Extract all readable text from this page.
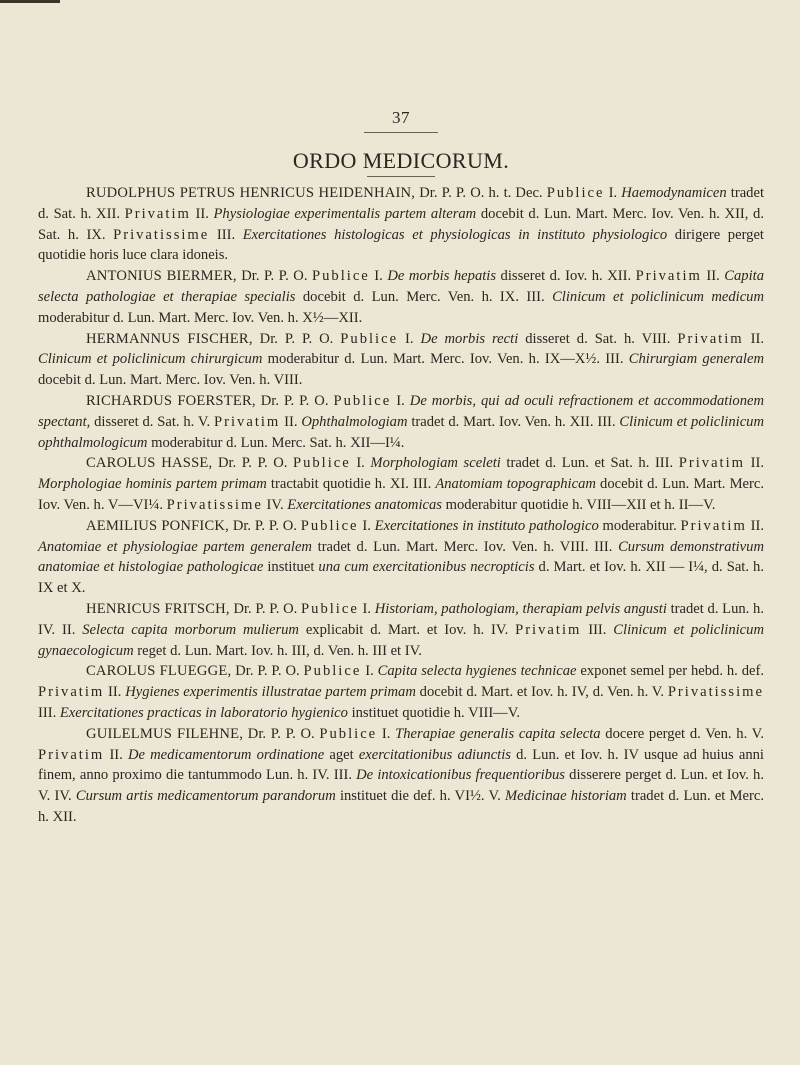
37
ORDO MEDICORUM.

RUDOLPHUS PETRUS HENRICUS HEIDENHAIN, Dr. P. P. O. h. t. Dec. Publice I. Haemodynamicen tradet d. Sat. h. XII. Privatim II. Physiologiae experimentalis partem alteram docebit d. Lun. Mart. Merc. Iov. Ven. h. XII, d. Sat. h. IX. Privatissime III. Exercitationes histologicas et physiologicas in instituto physiologico dirigere perget quotidie horis luce clara idoneis.

ANTONIUS BIERMER, Dr. P. P. O. Publice I. De morbis hepatis disseret d. Iov. h. XII. Privatim II. Capita selecta pathologiae et therapiae specialis docebit d. Lun. Merc. Ven. h. IX. III. Clinicum et policlinicum medicum moderabitur d. Lun. Mart. Merc. Iov. Ven. h. X½—XII.

HERMANNUS FISCHER, Dr. P. P. O. Publice I. De morbis recti disseret d. Sat. h. VIII. Privatim II. Clinicum et policlinicum chirurgicum moderabitur d. Lun. Mart. Merc. Iov. Ven. h. IX—X½. III. Chirurgiam generalem docebit d. Lun. Mart. Merc. Iov. Ven. h. VIII.

RICHARDUS FOERSTER, Dr. P. P. O. Publice I. De morbis, qui ad oculi refractionem et accommodationem spectant, disseret d. Sat. h. V. Privatim II. Ophthalmologiam tradet d. Mart. Iov. Ven. h. XII. III. Clinicum et policlinicum ophthalmologicum moderabitur d. Lun. Merc. Sat. h. XII—I¼.

CAROLUS HASSE, Dr. P. P. O. Publice I. Morphologiam sceleti tradet d. Lun. et Sat. h. III. Privatim II. Morphologiae hominis partem primam tractabit quotidie h. XI. III. Anatomiam topographicam docebit d. Lun. Mart. Merc. Iov. Ven. h. V—VI¼. Privatissime IV. Exercitationes anatomicas moderabitur quotidie h. VIII—XII et h. II—V.

AEMILIUS PONFICK, Dr. P. P. O. Publice I. Exercitationes in instituto pathologico moderabitur. Privatim II. Anatomiae et physiologiae partem generalem tradet d. Lun. Mart. Merc. Iov. Ven. h. VIII. III. Cursum demonstrativum anatomiae et histologiae pathologicae instituet una cum exercitationibus necropticis d. Mart. et Iov. h. XII — I¼, d. Sat. h. IX et X.

HENRICUS FRITSCH, Dr. P. P. O. Publice I. Historiam, pathologiam, therapiam pelvis angusti tradet d. Lun. h. IV. II. Selecta capita morborum mulierum explicabit d. Mart. et Iov. h. IV. Privatim III. Clinicum et policlinicum gynaecologicum reget d. Lun. Mart. Iov. h. III, d. Ven. h. III et IV.

CAROLUS FLUEGGE, Dr. P. P. O. Publice I. Capita selecta hygienes technicae exponet semel per hebd. h. def. Privatim II. Hygienes experimentis illustratae partem primam docebit d. Mart. et Iov. h. IV, d. Ven. h. V. Privatissime III. Exercitationes practicas in laboratorio hygienico instituet quotidie h. VIII—V.

GUILELMUS FILEHNE, Dr. P. P. O. Publice I. Therapiae generalis capita selecta docere perget d. Ven. h. V. Privatim II. De medicamentorum ordinatione aget exercitationibus adiunctis d. Lun. et Iov. h. IV usque ad huius anni finem, anno proximo die tantummodo Lun. h. IV. III. De intoxicationibus frequentioribus disserere perget d. Lun. et Iov. h. V. IV. Cursum artis medicamentorum parandorum instituet die def. h. VI½. V. Medicinae historiam tradet d. Lun. et Merc. h. XII.
